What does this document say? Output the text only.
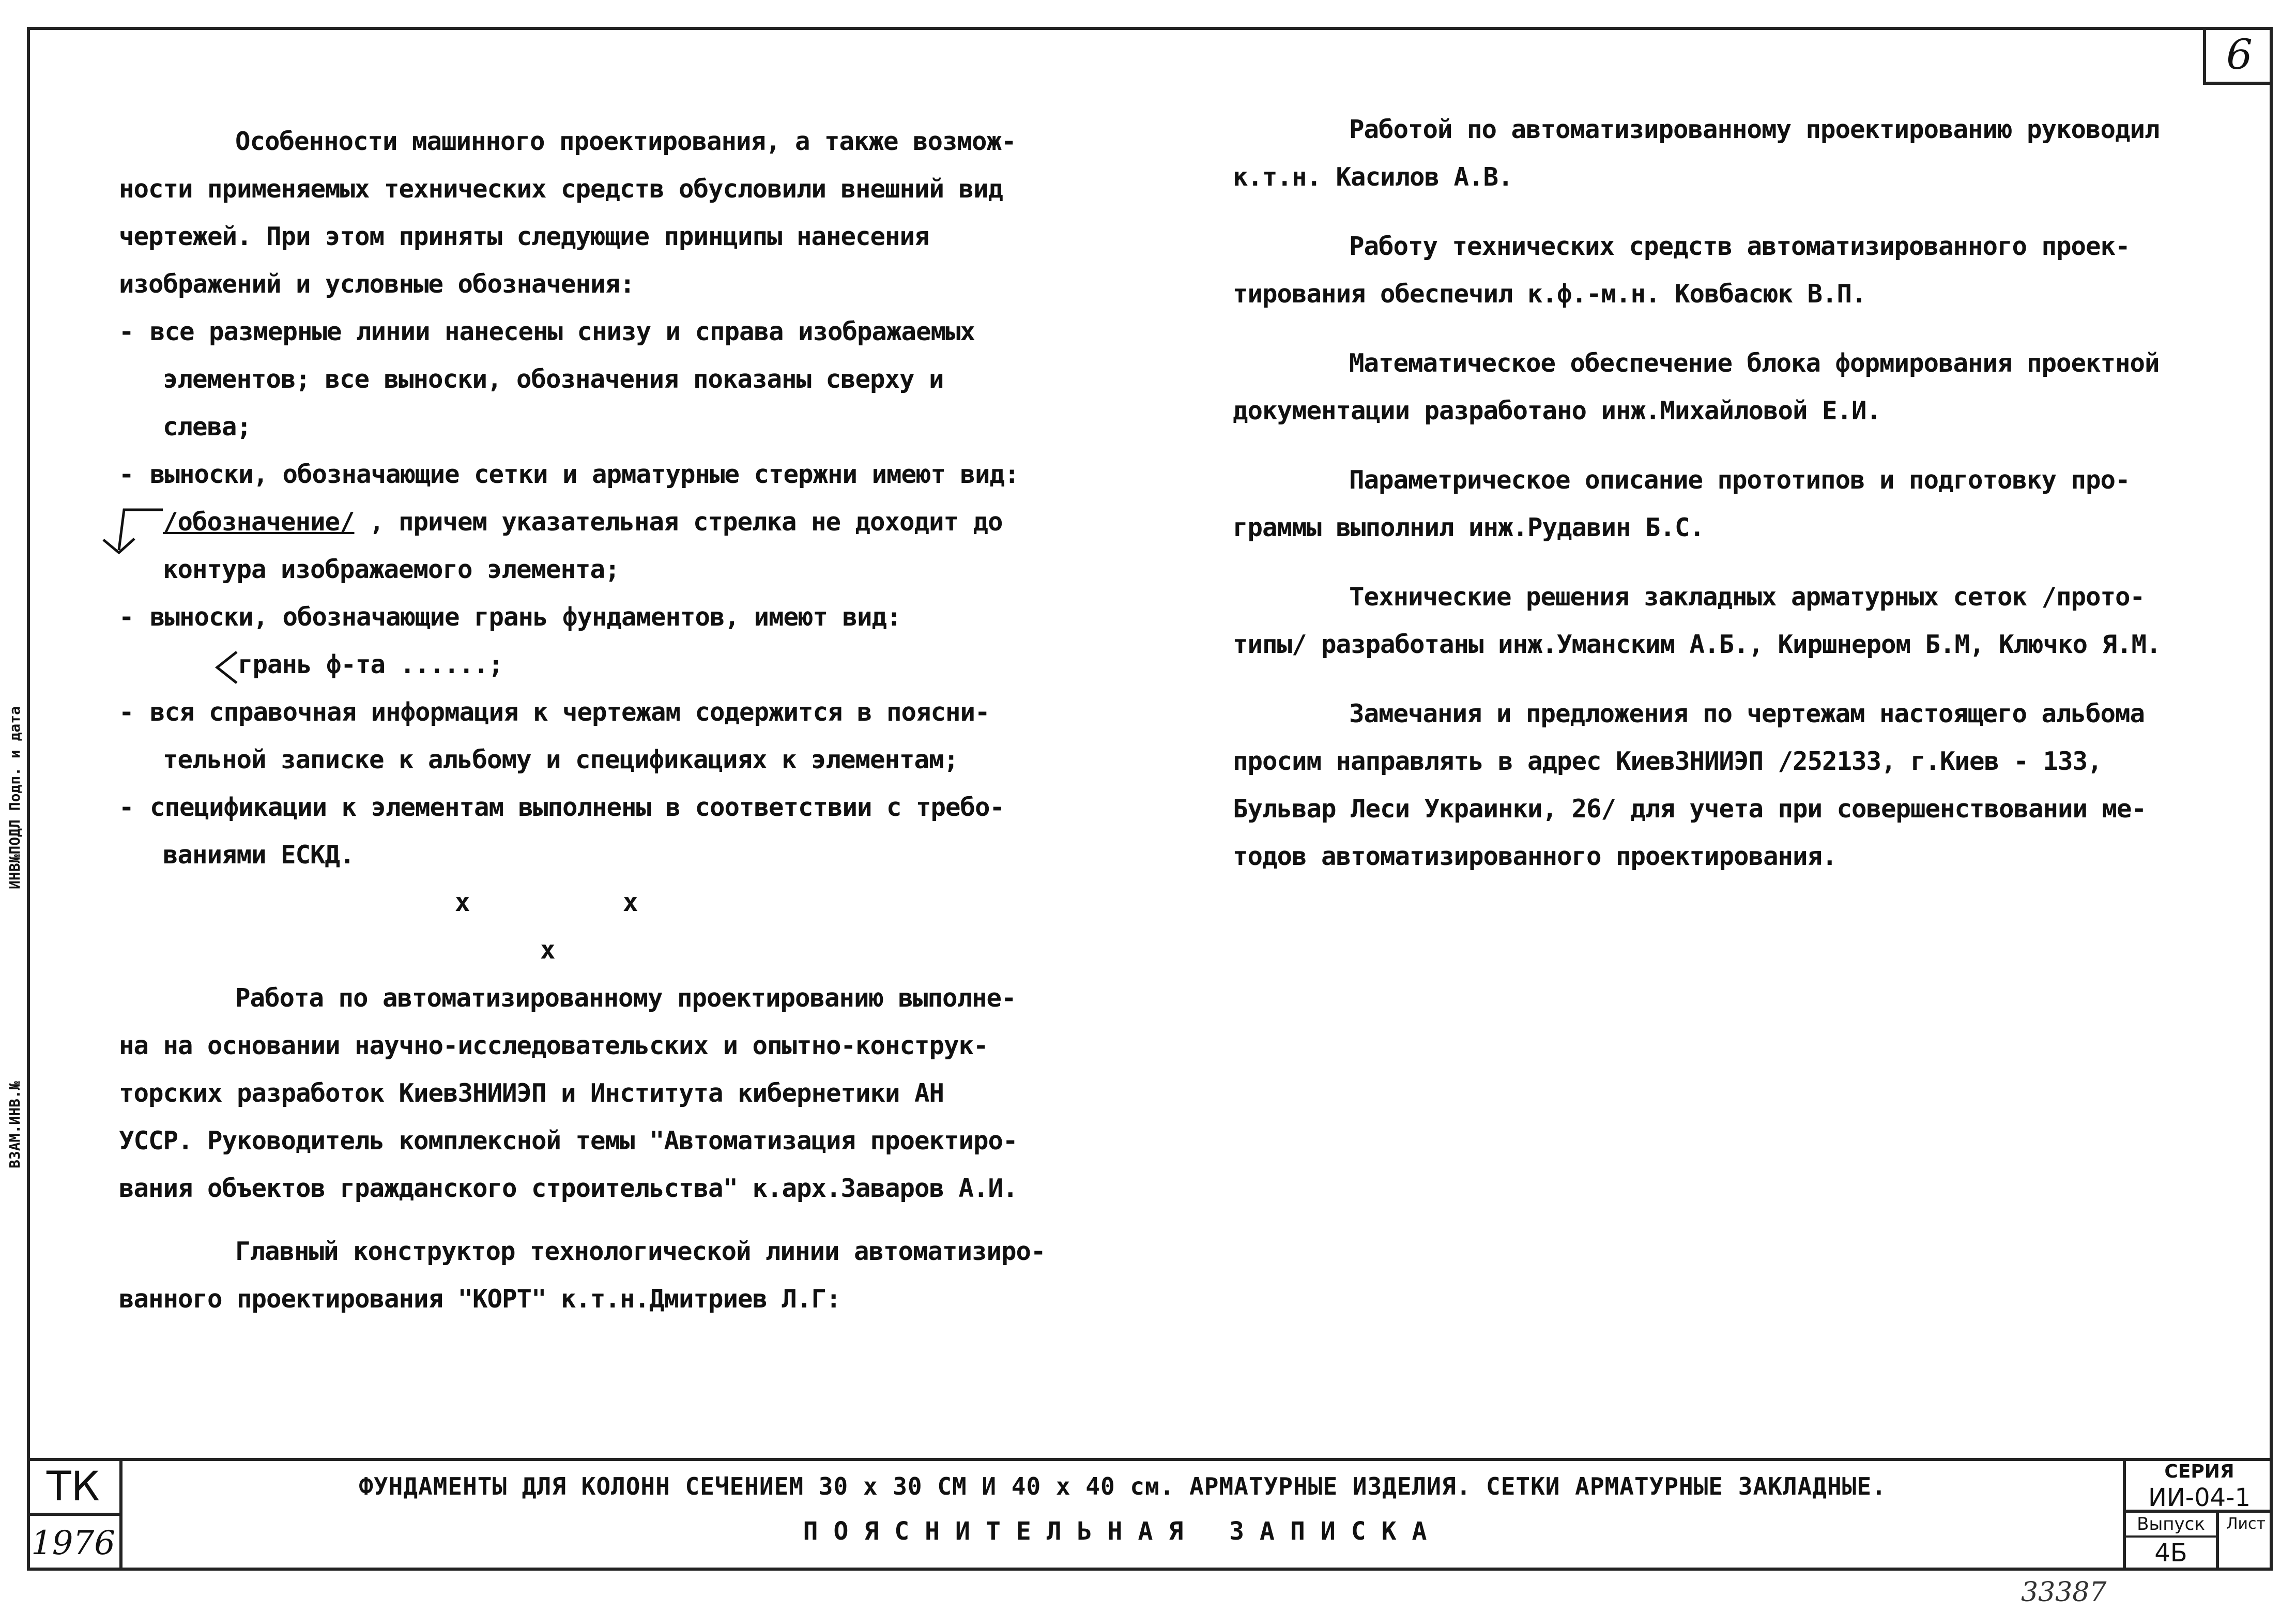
ИНВ№ПОДЛ Подп. и дата
ВЗАМ.ИНВ.№
6

Особенности машинного проектирования, а также возмож-

ности применяемых технических средств обусловили внешний вид

чертежей. При этом приняты следующие принципы нанесения

изображений и условные обозначения:

- все размерные линии нанесены снизу и справа изображаемых

элементов; все выноски, обозначения показаны сверху и

слева;

- выноски, обозначающие сетки и арматурные стержни имеют вид:

/обозначение/ , причем указательная стрелка не доходит до

контура изображаемого элемента;

- выноски, обозначающие грань фундаментов, имеют вид:

грань ф-та ......;

- вся справочная информация к чертежам содержится в поясни-

тельной записке к альбому и спецификациях к элементам;

- спецификации к элементам выполнены в соответствии с требо-

ваниями ЕСКД.

x	x
x

Работа по автоматизированному проектированию выполне-

на на основании научно-исследовательских и опытно-конструк-

торских разработок КиевЗНИИЭП и Института кибернетики АН

УССР. Руководитель комплексной темы "Автоматизация проектиро-

вания объектов гражданского строительства" к.арх.Заваров А.И.

Главный конструктор технологической линии автоматизиро-

ванного проектирования "КОРТ" к.т.н.Дмитриев Л.Г:

Работой по автоматизированному проектированию руководил

к.т.н. Касилов А.В.

Работу технических средств автоматизированного проек-

тирования обеспечил к.ф.-м.н. Ковбасюк В.П.

Математическое обеспечение блока формирования проектной

документации разработано инж.Михайловой Е.И.

Параметрическое описание прототипов и подготовку про-

граммы выполнил инж.Рудавин Б.С.

Технические решения закладных арматурных сеток /прото-

типы/ разработаны инж.Уманским А.Б., Киршнером Б.М, Ключко Я.М.

Замечания и предложения по чертежам настоящего альбома

просим направлять в адрес КиевЗНИИЭП /252133, г.Киев - 133,

Бульвар Леси Украинки, 26/ для учета при совершенствовании ме-

тодов автоматизированного проектирования.

ТК
1976
ФУНДАМЕНТЫ ДЛЯ КОЛОНН СЕЧЕНИЕМ 30 х 30 СМ И 40 х 40 см. АРМАТУРНЫЕ ИЗДЕЛИЯ. СЕТКИ АРМАТУРНЫЕ ЗАКЛАДНЫЕ.
ПОЯСНИТЕЛЬНАЯ ЗАПИСКА
СЕРИЯ
ИИ-04-1
Выпуск
4Б
Лист
33387
